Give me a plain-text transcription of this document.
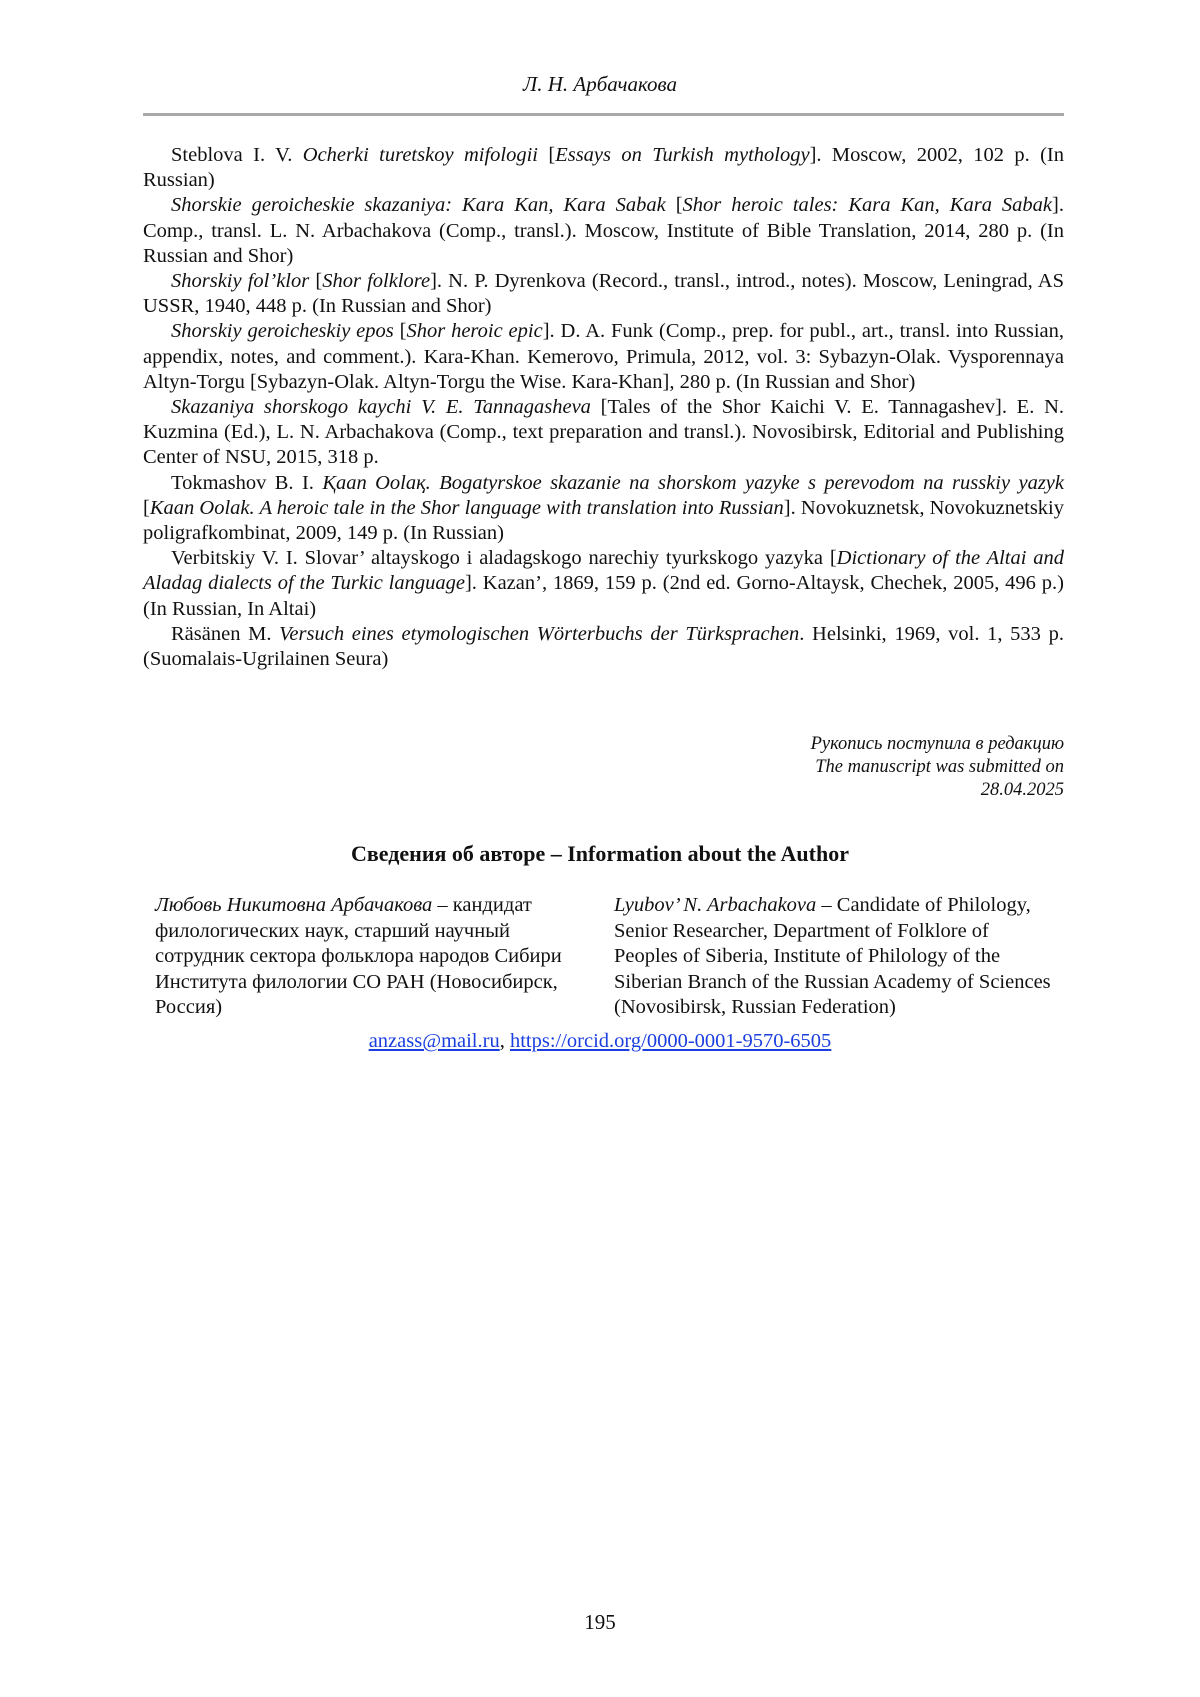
Л. Н. Арбачакова

Steblova I. V. Ocherki turetskoy mifologii [Essays on Turkish mythology]. Moscow, 2002, 102 p. (In Russian)

Shorskie geroicheskie skazaniya: Kara Kan, Kara Sabak [Shor heroic tales: Kara Kan, Kara Sabak]. Comp., transl. L. N. Arbachakova (Comp., transl.). Moscow, Institute of Bible Translation, 2014, 280 p. (In Russian and Shor)

Shorskiy fol’klor [Shor folklore]. N. P. Dyrenkova (Record., transl., introd., notes). Moscow, Leningrad, AS USSR, 1940, 448 p. (In Russian and Shor)

Shorskiy geroicheskiy epos [Shor heroic epic]. D. A. Funk (Comp., prep. for publ., art., transl. into Russian, appendix, notes, and comment.). Kara-Khan. Kemerovo, Primula, 2012, vol. 3: Sybazyn-Olak. Vysporennaya Altyn-Torgu [Sybazyn-Olak. Altyn-Torgu the Wise. Kara-Khan], 280 p. (In Russian and Shor)

Skazaniya shorskogo kaychi V. E. Tannagasheva [Tales of the Shor Kaichi V. E. Tannagashev]. E. N. Kuzmina (Ed.), L. N. Arbachakova (Comp., text preparation and transl.). Novosibirsk, Editorial and Publishing Center of NSU, 2015, 318 p.

Tokmashov B. I. Қaan Oolaқ. Bogatyrskoe skazanie na shorskom yazyke s perevodom na russkiy yazyk [Kaan Oolak. A heroic tale in the Shor language with translation into Russian]. Novokuznetsk, Novokuznetskiy poligrafkombinat, 2009, 149 p. (In Russian)

Verbitskiy V. I. Slovar’ altayskogo i aladagskogo narechiy tyurkskogo yazyka [Dictionary of the Altai and Aladag dialects of the Turkic language]. Kazan’, 1869, 159 p. (2nd ed. Gorno-Altaysk, Chechek, 2005, 496 p.) (In Russian, In Altai)

Räsänen M. Versuch eines etymologischen Wörterbuchs der Türksprachen. Helsinki, 1969, vol. 1, 533 p. (Suomalais-Ugrilainen Seura)

Рукопись поступила в редакцию
The manuscript was submitted on
28.04.2025
Сведения об авторе – Information about the Author
Любовь Никитовна Арбачакова – кандидат филологических наук, старший научный сотрудник сектора фольклора народов Сибири Института филологии СО РАН (Новосибирск, Россия)
Lyubov’ N. Arbachakova – Candidate of Philology, Senior Researcher, Department of Folklore of Peoples of Siberia, Institute of Philology of the Siberian Branch of the Russian Academy of Sciences (Novosibirsk, Russian Federation)
anzass@mail.ru, https://orcid.org/0000-0001-9570-6505
195
